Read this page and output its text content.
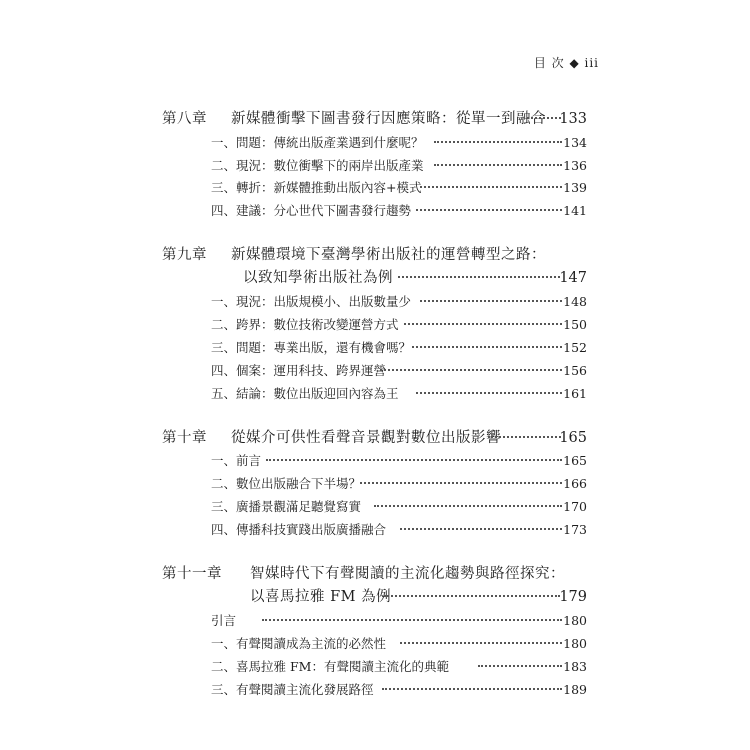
目 次 ◆ iii
第八章 新媒體衝擊下圖書發行因應策略：從單一到融合 133
一、問題：傳統出版產業遇到什麼呢？	134
二、現況：數位衝擊下的兩岸出版產業	136
三、轉折：新媒體推動出版內容+模式	139
四、建議：分心世代下圖書發行趨勢	141
第九章 新媒體環境下臺灣學術出版社的運營轉型之路：
以致知學術出版社為例	147
一、現況：出版規模小、出版數量少	148
二、跨界：數位技術改變運營方式	150
三、問題：專業出版，還有機會嗎？	152
四、個案：運用科技、跨界運營	156
五、結論：數位出版迎回內容為王	161
第十章 從媒介可供性看聲音景觀對數位出版影響	165
一、前言	165
二、數位出版融合下半場？	166
三、廣播景觀滿足聽覺寫實	170
四、傳播科技實踐出版廣播融合	173
第十一章 智媒時代下有聲閱讀的主流化趨勢與路徑探究：
以喜馬拉雅 FM 為例	179
引言	180
一、有聲閱讀成為主流的必然性	180
二、喜馬拉雅 FM：有聲閱讀主流化的典範	183
三、有聲閱讀主流化發展路徑	189
